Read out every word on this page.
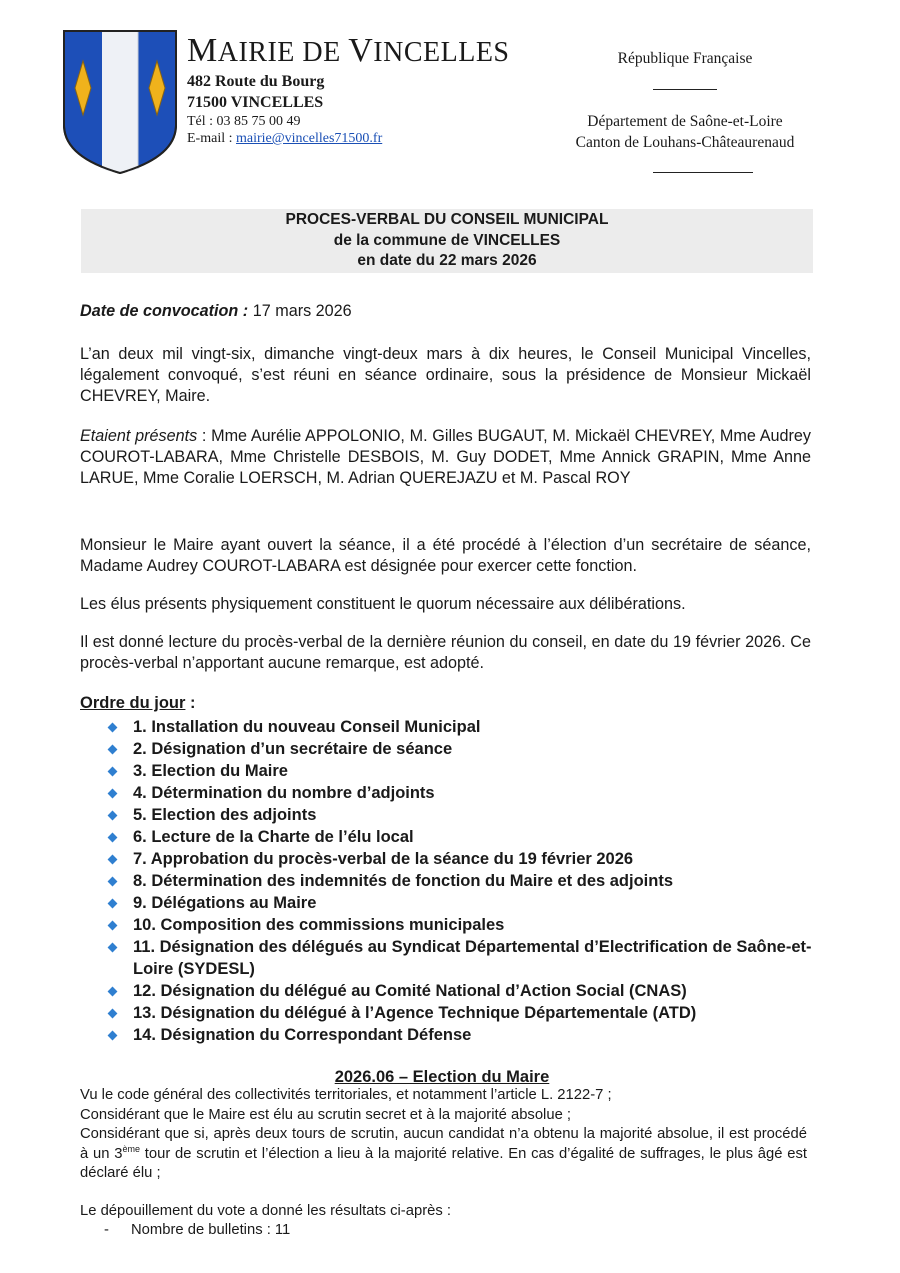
MAIRIE DE VINCELLES
482 Route du Bourg
71500 VINCELLES
Tél : 03 85 75 00 49
E-mail : mairie@vincelles71500.fr
République Française
Département de Saône-et-Loire
Canton de Louhans-Châteaurenaud
PROCES-VERBAL DU CONSEIL MUNICIPAL
de la commune de VINCELLES
en date du 22 mars 2026
Date de convocation : 17 mars 2026
L’an deux mil vingt-six, dimanche vingt-deux mars à dix heures, le Conseil Municipal Vincelles, légalement convoqué, s’est réuni en séance ordinaire, sous la présidence de Monsieur Mickaël CHEVREY, Maire.
Etaient présents : Mme Aurélie APPOLONIO, M. Gilles BUGAUT, M. Mickaël CHEVREY, Mme Audrey COUROT-LABARA, Mme Christelle DESBOIS, M. Guy DODET, Mme Annick GRAPIN, Mme Anne LARUE, Mme Coralie LOERSCH, M. Adrian QUEREJAZU et M. Pascal ROY
Monsieur le Maire ayant ouvert la séance, il a été procédé à l’élection d’un secrétaire de séance, Madame Audrey COUROT-LABARA est désignée pour exercer cette fonction.
Les élus présents physiquement constituent le quorum nécessaire aux délibérations.
Il est donné lecture du procès-verbal de la dernière réunion du conseil, en date du 19 février 2026. Ce procès-verbal n’apportant aucune remarque, est adopté.
Ordre du jour :
1. Installation du nouveau Conseil Municipal
2. Désignation d’un secrétaire de séance
3. Election du Maire
4. Détermination du nombre d’adjoints
5. Election des adjoints
6. Lecture de la Charte de l’élu local
7. Approbation du procès-verbal de la séance du 19 février 2026
8. Détermination des indemnités de fonction du Maire et des adjoints
9. Délégations au Maire
10. Composition des commissions municipales
11. Désignation des délégués au Syndicat Départemental d’Electrification de Saône-et-Loire (SYDESL)
12. Désignation du délégué au Comité National d’Action Social (CNAS)
13. Désignation du délégué à l’Agence Technique Départementale (ATD)
14. Désignation du Correspondant Défense
2026.06 – Election du Maire
Vu le code général des collectivités territoriales, et notamment l’article L. 2122-7 ;
Considérant que le Maire est élu au scrutin secret et à la majorité absolue ;
Considérant que si, après deux tours de scrutin, aucun candidat n’a obtenu la majorité absolue, il est procédé à un 3ème tour de scrutin et l’élection a lieu à la majorité relative. En cas d’égalité de suffrages, le plus âgé est déclaré élu ;
Le dépouillement du vote a donné les résultats ci-après :
- Nombre de bulletins : 11
